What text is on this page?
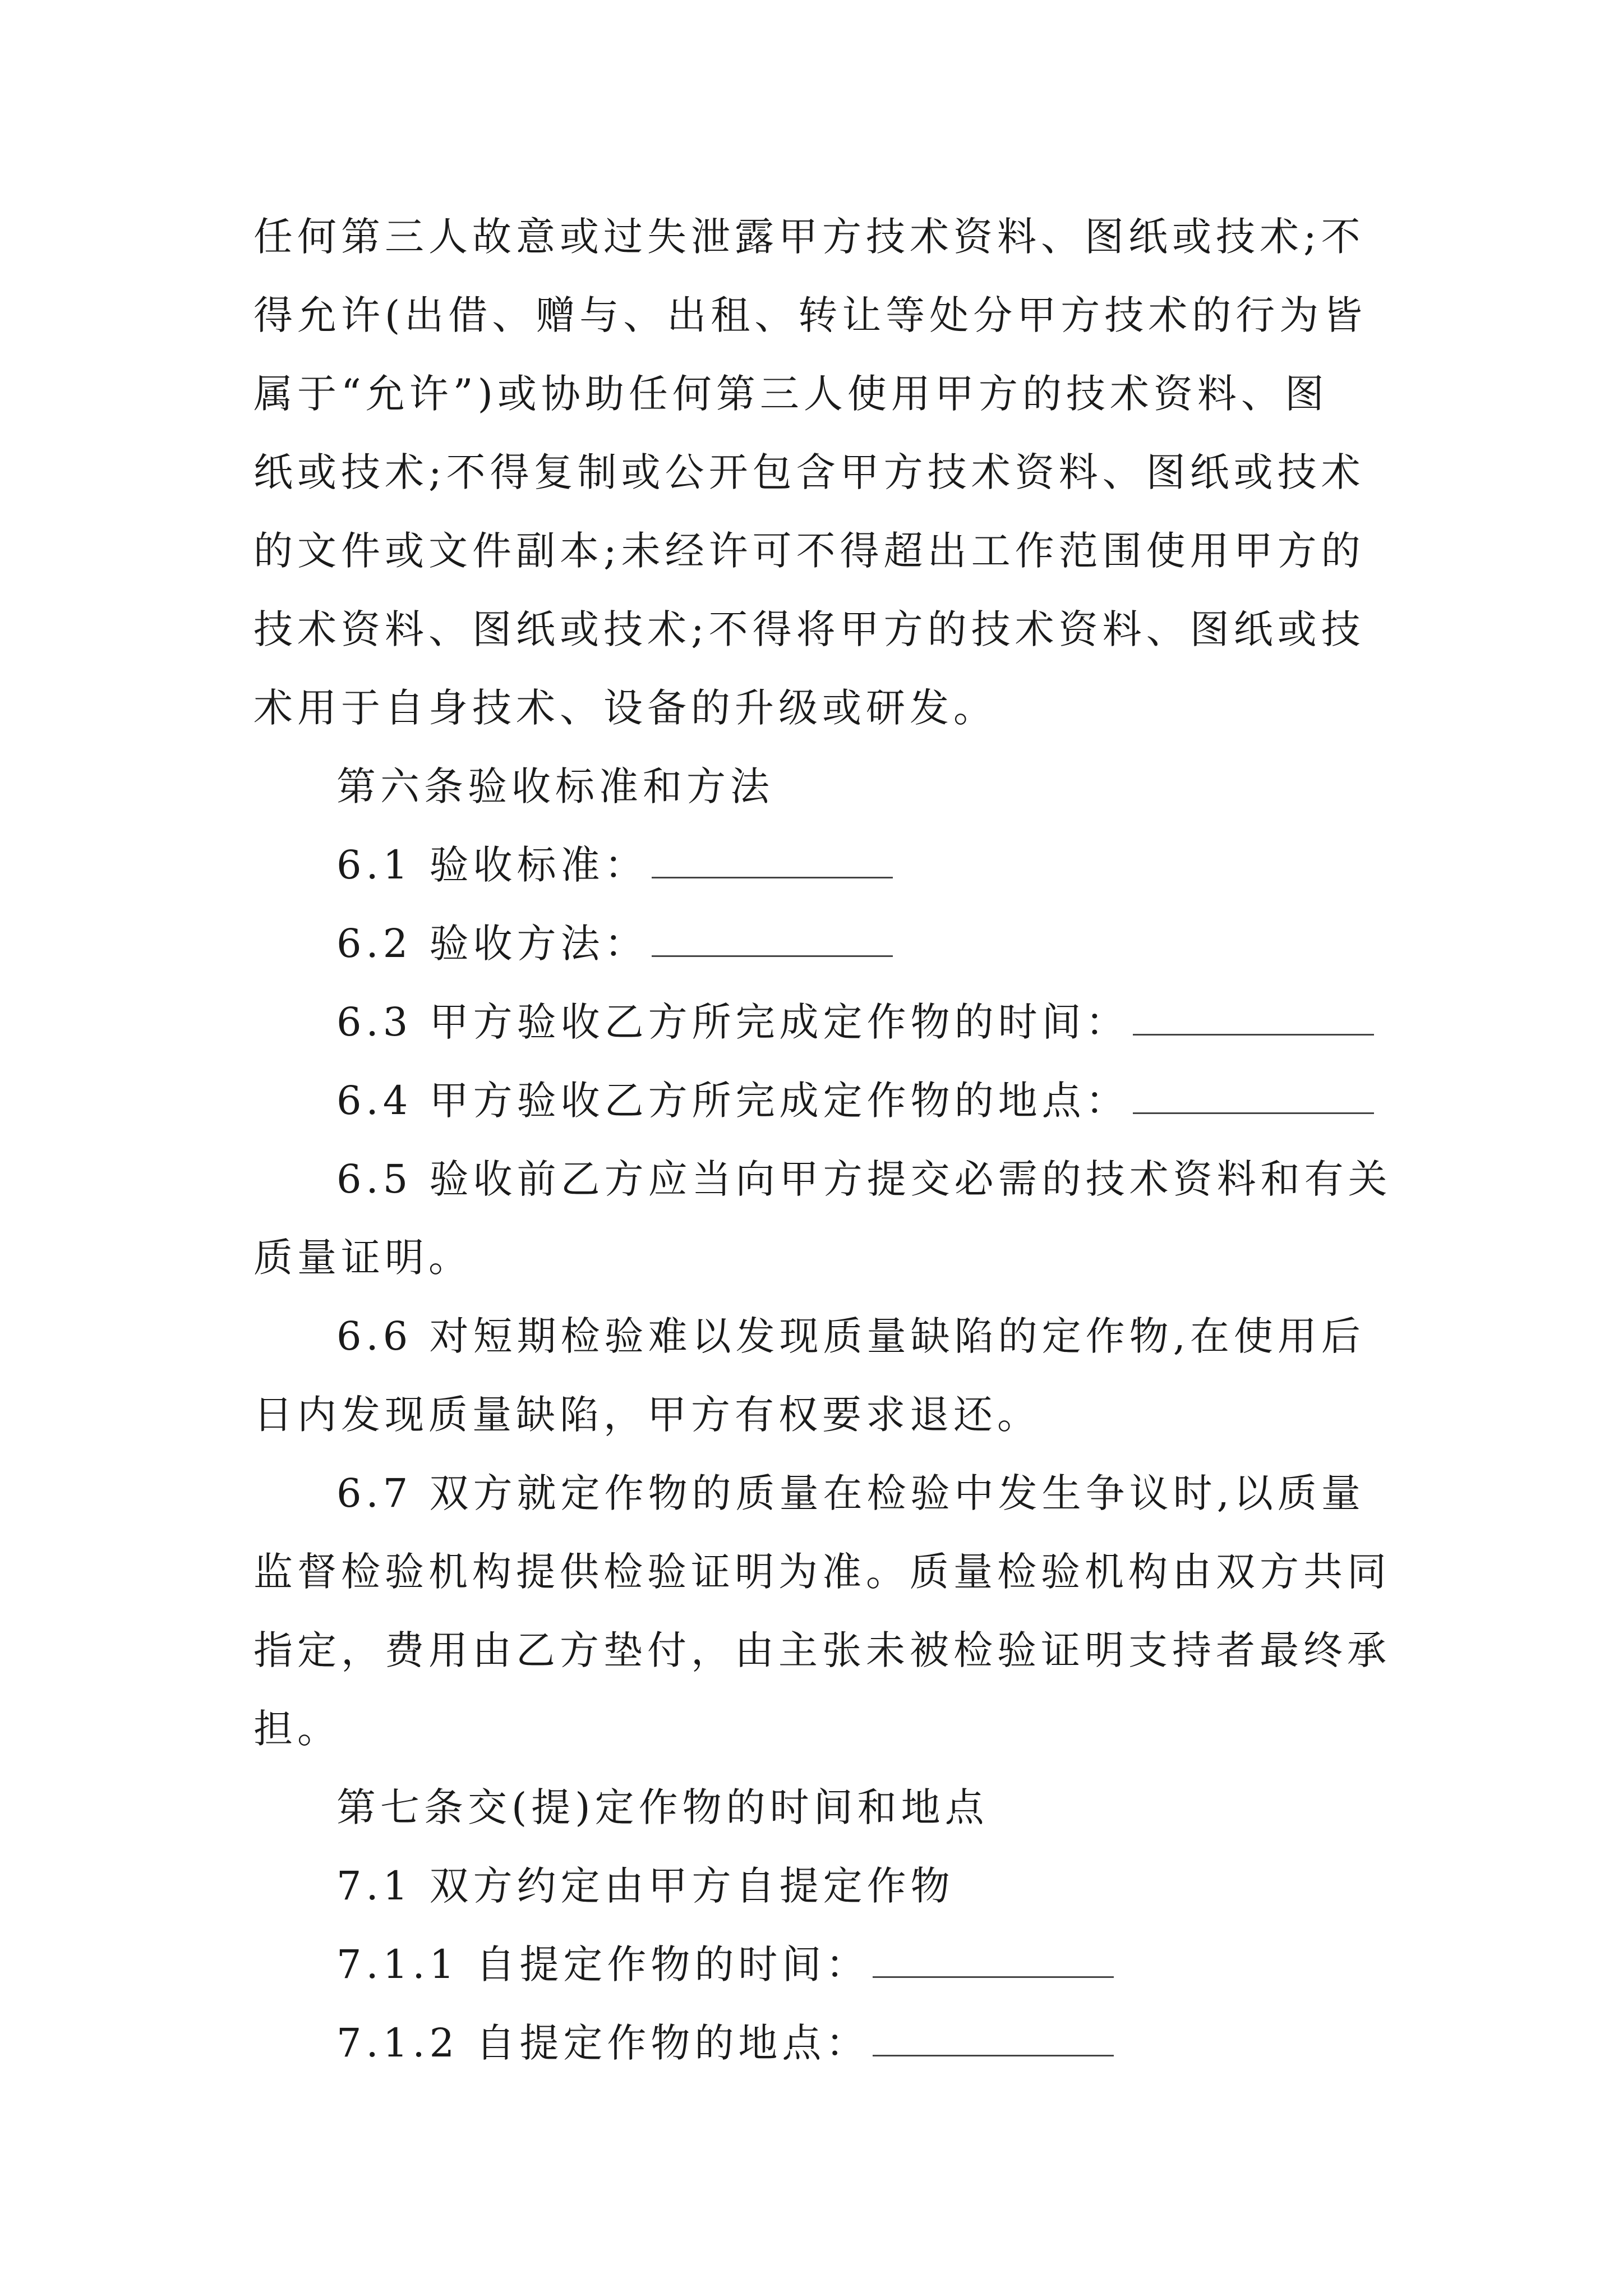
任何第三人故意或过失泄露甲方技术资料、图纸或技术;不
得允许(出借、赠与、出租、转让等处分甲方技术的行为皆
属于“允许”)或协助任何第三人使用甲方的技术资料、图
纸或技术;不得复制或公开包含甲方技术资料、图纸或技术
的文件或文件副本;未经许可不得超出工作范围使用甲方的
技术资料、图纸或技术;不得将甲方的技术资料、图纸或技
术用于自身技术、设备的升级或研发。
第六条验收标准和方法
6.1 验收标准：
6.2 验收方法：
6.3 甲方验收乙方所完成定作物的时间：
6.4 甲方验收乙方所完成定作物的地点：
6.5 验收前乙方应当向甲方提交必需的技术资料和有关
质量证明。
6.6 对短期检验难以发现质量缺陷的定作物,在使用后
日内发现质量缺陷，甲方有权要求退还。
6.7 双方就定作物的质量在检验中发生争议时,以质量
监督检验机构提供检验证明为准。质量检验机构由双方共同
指定，费用由乙方垫付，由主张未被检验证明支持者最终承
担。
第七条交(提)定作物的时间和地点
7.1 双方约定由甲方自提定作物
7.1.1 自提定作物的时间：
7.1.2 自提定作物的地点：
